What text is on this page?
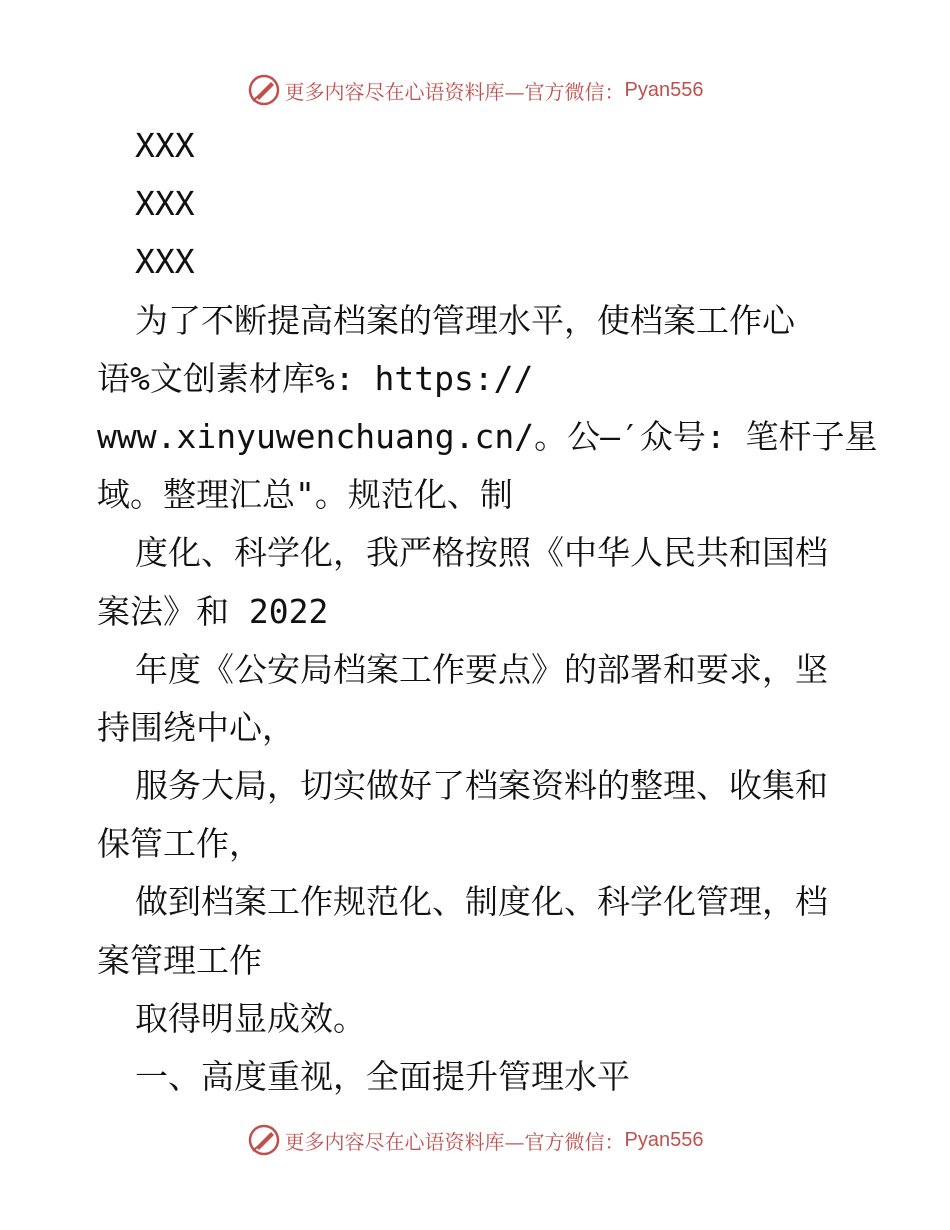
更多内容尽在心语资料库—官方微信： Pyan556
XXX
XXX
XXX
为了不断提高档案的管理水平，使档案工作心
语%文创素材库%: https://
www.xinyuwenchuang.cn/。公—′众号: 笔杆子星
域。整理汇总"。规范化、制
度化、科学化，我严格按照《中华人民共和国档
案法》和 2022
年度《公安局档案工作要点》的部署和要求，坚
持围绕中心，
服务大局，切实做好了档案资料的整理、收集和
保管工作，
做到档案工作规范化、制度化、科学化管理，档
案管理工作
取得明显成效。
一、高度重视，全面提升管理水平
更多内容尽在心语资料库—官方微信： Pyan556
